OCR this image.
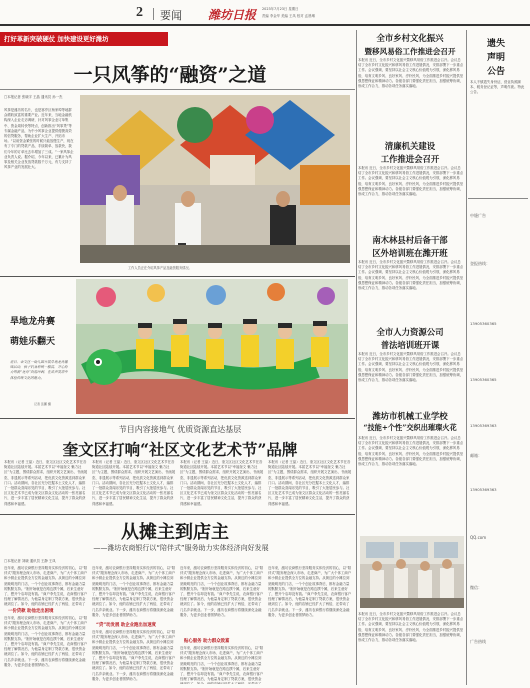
2 要闻 潍坊日报 2023年7月23日 星期日
责编 李金华 美编 王凤 校对 孟晨琳
打好革新突破硬仗 加快建设更好潍坊
一只风筝的“融资”之道
□本报记者 张晓宇 王晶 通讯员 孙一杰
风筝是潍坊的名片，也是寒亭区杨家埠等地群众增收致富的重要产业。近年来，当地金融机构深入企业走访调研，针对风筝企业订单集中、资金周转快等特点，创新推出“风筝贷”等专属金融产品，为中小风筝企业提供便捷高效的信贷服务，帮助企业扩大生产、开拓市场。“以前资金紧张的时候只能放慢生产，现在有了专门的贷款产品，手续简单、放款快，我们今年的订单比去年增加了三成。”一家风筝企业负责人说。据介绍，今年以来，已累计为风筝及相关企业发放贷款数千万元，有力支持了风筝产业的发展壮大。
工作人员正在介绍风筝产品及融资服务情况。
旱地龙舟赛
萌娃乐翻天
近日，奎文区一幼儿园开展旱地龙舟趣味活动，孩子们身着统一服装，齐心协力驾驶“龙舟”向前冲刺，在欢声笑语中体验传统文化的魅力。
记者 张鹏 摄
节目内容接地气 优质资源直达基层
奎文区打响“社区文化艺术节”品牌
本报讯（记者 王晶）近日，奎文区社区文化艺术节在各街道社区陆续开展。本届艺术节以“幸福奎文 魅力社区”为主题，围绕群众需求，组织开展文艺演出、书画展览、非遗展示等系列活动，把优质文化资源送到群众家门口。活动期间，各社区充分挖掘本土文化人才，编排了一批群众喜闻乐见的节目，吸引了大批居民参与。社区文化艺术节已成为奎文区群众文化活动的一张亮丽名片，进一步丰富了居民精神文化生活，提升了群众的获得感和幸福感。
本报讯（记者 王晶）近日，奎文区社区文化艺术节在各街道社区陆续开展。本届艺术节以“幸福奎文 魅力社区”为主题，围绕群众需求，组织开展文艺演出、书画展览、非遗展示等系列活动，把优质文化资源送到群众家门口。活动期间，各社区充分挖掘本土文化人才，编排了一批群众喜闻乐见的节目，吸引了大批居民参与。社区文化艺术节已成为奎文区群众文化活动的一张亮丽名片，进一步丰富了居民精神文化生活，提升了群众的获得感和幸福感。
本报讯（记者 王晶）近日，奎文区社区文化艺术节在各街道社区陆续开展。本届艺术节以“幸福奎文 魅力社区”为主题，围绕群众需求，组织开展文艺演出、书画展览、非遗展示等系列活动，把优质文化资源送到群众家门口。活动期间，各社区充分挖掘本土文化人才，编排了一批群众喜闻乐见的节目，吸引了大批居民参与。社区文化艺术节已成为奎文区群众文化活动的一张亮丽名片，进一步丰富了居民精神文化生活，提升了群众的获得感和幸福感。
本报讯（记者 王晶）近日，奎文区社区文化艺术节在各街道社区陆续开展。本届艺术节以“幸福奎文 魅力社区”为主题，围绕群众需求，组织开展文艺演出、书画展览、非遗展示等系列活动，把优质文化资源送到群众家门口。活动期间，各社区充分挖掘本土文化人才，编排了一批群众喜闻乐见的节目，吸引了大批居民参与。社区文化艺术节已成为奎文区群众文化活动的一张亮丽名片，进一步丰富了居民精神文化生活，提升了群众的获得感和幸福感。
从摊主到店主
——潍坊农商银行以“陪伴式”服务助力实体经济向好发展
□本报记者 刘晓 通讯员 王静 王凤
近年来，潍坊农商银行坚持服务实体经济的初心，以“陪伴式”服务理念深入市场、走进商户，为广大个体工商户和小微企业提供全方位的金融支持。从街边的小摊位到宽敞明亮的门店，一个个创业故事背后，都有金融力量的默默支持。“刚开始就是在路边摆个摊，后来生意好了，想开个店却没有钱。”商户李先生说，农商银行客户经理了解情况后，为他量身定制了贷款方案，很快资金就到位了。如今，他的店铺已经扩大了两倍，还带动了
一份贷款 助他走出困境
近年来，潍坊农商银行坚持服务实体经济的初心，以“陪伴式”服务理念深入市场、走进商户，为广大个体工商户和小微企业提供全方位的金融支持。从街边的小摊位到宽敞明亮的门店，一个个创业故事背后，都有金融力量的默默支持。“刚开始就是在路边摆个摊，后来生意好了，想开个店却没有钱。”商户李先生说，农商银行客户经理了解情况后，为他量身定制了贷款方案，很快资金就到位了。如今，他的店铺已经扩大了两倍，还带动了几名乡亲就业。下一步，潍坊农商银行将继续深化金融服务，为更多创业者圆梦助力。
近年来，潍坊农商银行坚持服务实体经济的初心，以“陪伴式”服务理念深入市场、走进商户，为广大个体工商户和小微企业提供全方位的金融支持。从街边的小摊位到宽敞明亮的门店，一个个创业故事背后，都有金融力量的默默支持。“刚开始就是在路边摆个摊，后来生意好了，想开个店却没有钱。”商户李先生说，农商银行客户经理了解情况后，为他量身定制了贷款方案，很快资金就到位了。如今，他的店铺已经扩大了两倍，还带动了几名乡亲就业。下一步，潍坊农商银行将继续深化金融服务，为更多创业者圆梦助力。
“贷”动发展 助企业跑出加速度
近年来，潍坊农商银行坚持服务实体经济的初心，以“陪伴式”服务理念深入市场、走进商户，为广大个体工商户和小微企业提供全方位的金融支持。从街边的小摊位到宽敞明亮的门店，一个个创业故事背后，都有金融力量的默默支持。“刚开始就是在路边摆个摊，后来生意好了，想开个店却没有钱。”商户李先生说，农商银行客户经理了解情况后，为他量身定制了贷款方案，很快资金就到位了。如今，他的店铺已经扩大了两倍，还带动了几名乡亲就业。下一步，潍坊农商银行将继续深化金融服务，为更多创业者圆梦助力。
近年来，潍坊农商银行坚持服务实体经济的初心，以“陪伴式”服务理念深入市场、走进商户，为广大个体工商户和小微企业提供全方位的金融支持。从街边的小摊位到宽敞明亮的门店，一个个创业故事背后，都有金融力量的默默支持。“刚开始就是在路边摆个摊，后来生意好了，想开个店却没有钱。”商户李先生说，农商银行客户经理了解情况后，为他量身定制了贷款方案，很快资金就到位了。如今，他的店铺已经扩大了两倍，还带动了几名乡亲就业。下一步，潍坊农商银行将继续深化金融服务，为更多创业者圆梦助力。
贴心服务 助力群众致富
近年来，潍坊农商银行坚持服务实体经济的初心，以“陪伴式”服务理念深入市场、走进商户，为广大个体工商户和小微企业提供全方位的金融支持。从街边的小摊位到宽敞明亮的门店，一个个创业故事背后，都有金融力量的默默支持。“刚开始就是在路边摆个摊，后来生意好了，想开个店却没有钱。”商户李先生说，农商银行客户经理了解情况后，为他量身定制了贷款方案，很快资金
近年来，潍坊农商银行坚持服务实体经济的初心，以“陪伴式”服务理念深入市场、走进商户，为广大个体工商户和小微企业提供全方位的金融支持。从街边的小摊位到宽敞明亮的门店，一个个创业故事背后，都有金融力量的默默支持。“刚开始就是在路边摆个摊，后来生意好了，想开个店却没有钱。”商户李先生说，农商银行客户经理了解情况后，为他量身定制了贷款方案，很快资金就到位了。如今，他的店铺已经扩大了两倍，还带动了几名乡亲就业。下一步，潍坊农商银行将继续深化金融服务，为更多创业者圆梦助力。
全市乡村文化振兴
暨移风易俗工作推进会召开
本报讯 近日，全市乡村文化振兴暨移风易俗工作推进会召开。会议总结了全市乡村文化振兴和移风易俗工作进展情况，安排部署下一步重点工作。会议强调，要坚持以社会主义核心价值观为引领，深化移风易俗，培育文明乡风、良好家风、淳朴民风，为全面推进乡村振兴提供坚强思想保证和精神动力。各级各部门要强化责任担当，加强统筹协调，形成工作合力，推动各项任务落实落地。
清廉机关建设
工作推进会召开
本报讯 近日，全市乡村文化振兴暨移风易俗工作推进会召开。会议总结了全市乡村文化振兴和移风易俗工作进展情况，安排部署下一步重点工作。会议强调，要坚持以社会主义核心价值观为引领，深化移风易俗，培育文明乡风、良好家风、淳朴民风，为全面推进乡村振兴提供坚强思想保证和精神动力。各级各部门要强化责任担当，加强统筹协调，形成工作合力，推动各项任务落实落地。
南木林县村后备干部
区外培训班在潍开班
本报讯 近日，全市乡村文化振兴暨移风易俗工作推进会召开。会议总结了全市乡村文化振兴和移风易俗工作进展情况，安排部署下一步重点工作。会议强调，要坚持以社会主义核心价值观为引领，深化移风易俗，培育文明乡风、良好家风、淳朴民风，为全面推进乡村振兴提供坚强思想保证和精神动力。各级各部门要强化责任担当，加强统筹协调，形成工作合力，推动各项任务落实落地。
全市人力资源公司
普法培训班开课
本报讯 近日，全市乡村文化振兴暨移风易俗工作推进会召开。会议总结了全市乡村文化振兴和移风易俗工作进展情况，安排部署下一步重点工作。会议强调，要坚持以社会主义核心价值观为引领，深化移风易俗，培育文明乡风、良好家风、淳朴民风，为全面推进乡村振兴提供坚强思想保证和精神动力。各级各部门要强化责任担当，加强统筹协调，形成工作合力，推动各项任务落实落地。
潍坊市机械工业学校
“技能+个性”交织出璀璨火花
本报讯 近日，全市乡村文化振兴暨移风易俗工作推进会召开。会议总结了全市乡村文化振兴和移风易俗工作进展情况，安排部署下一步重点工作。会议强调，要坚持以社会主义核心价值观为引领，深化移风易俗，培育文明乡风、良好家风、淳朴民风，为全面推进乡村振兴提供坚强思想保证和精神动力。各级各部门要强化责任担当，加强统筹协调，形成工作合力，推动各项任务落实落地。
本报讯 近日，全市乡村文化振兴暨移风易俗工作推进会召开。会议总结了全市乡村文化振兴和移风易俗工作进展情况，安排部署下一步重点工作。会议强调，要坚持以社会主义核心价值观为引领，深化移风易俗，培育文明乡风、良好家风、淳朴民风，为全面推进乡村振兴提供坚强思想保证和精神动力。各级各部门要强化责任担当，加强统筹协调，形成工作合力，推动各项任务落实落地。
遗失
声明
公告
本人不慎遗失身份证、营业执照副本、税务登记证等，声明作废。特此公告。
中缝广告
登报热线：
13905360365
13905360365
13905369363
邮箱：
13905369363
QQ.com
微信：
广告热线
